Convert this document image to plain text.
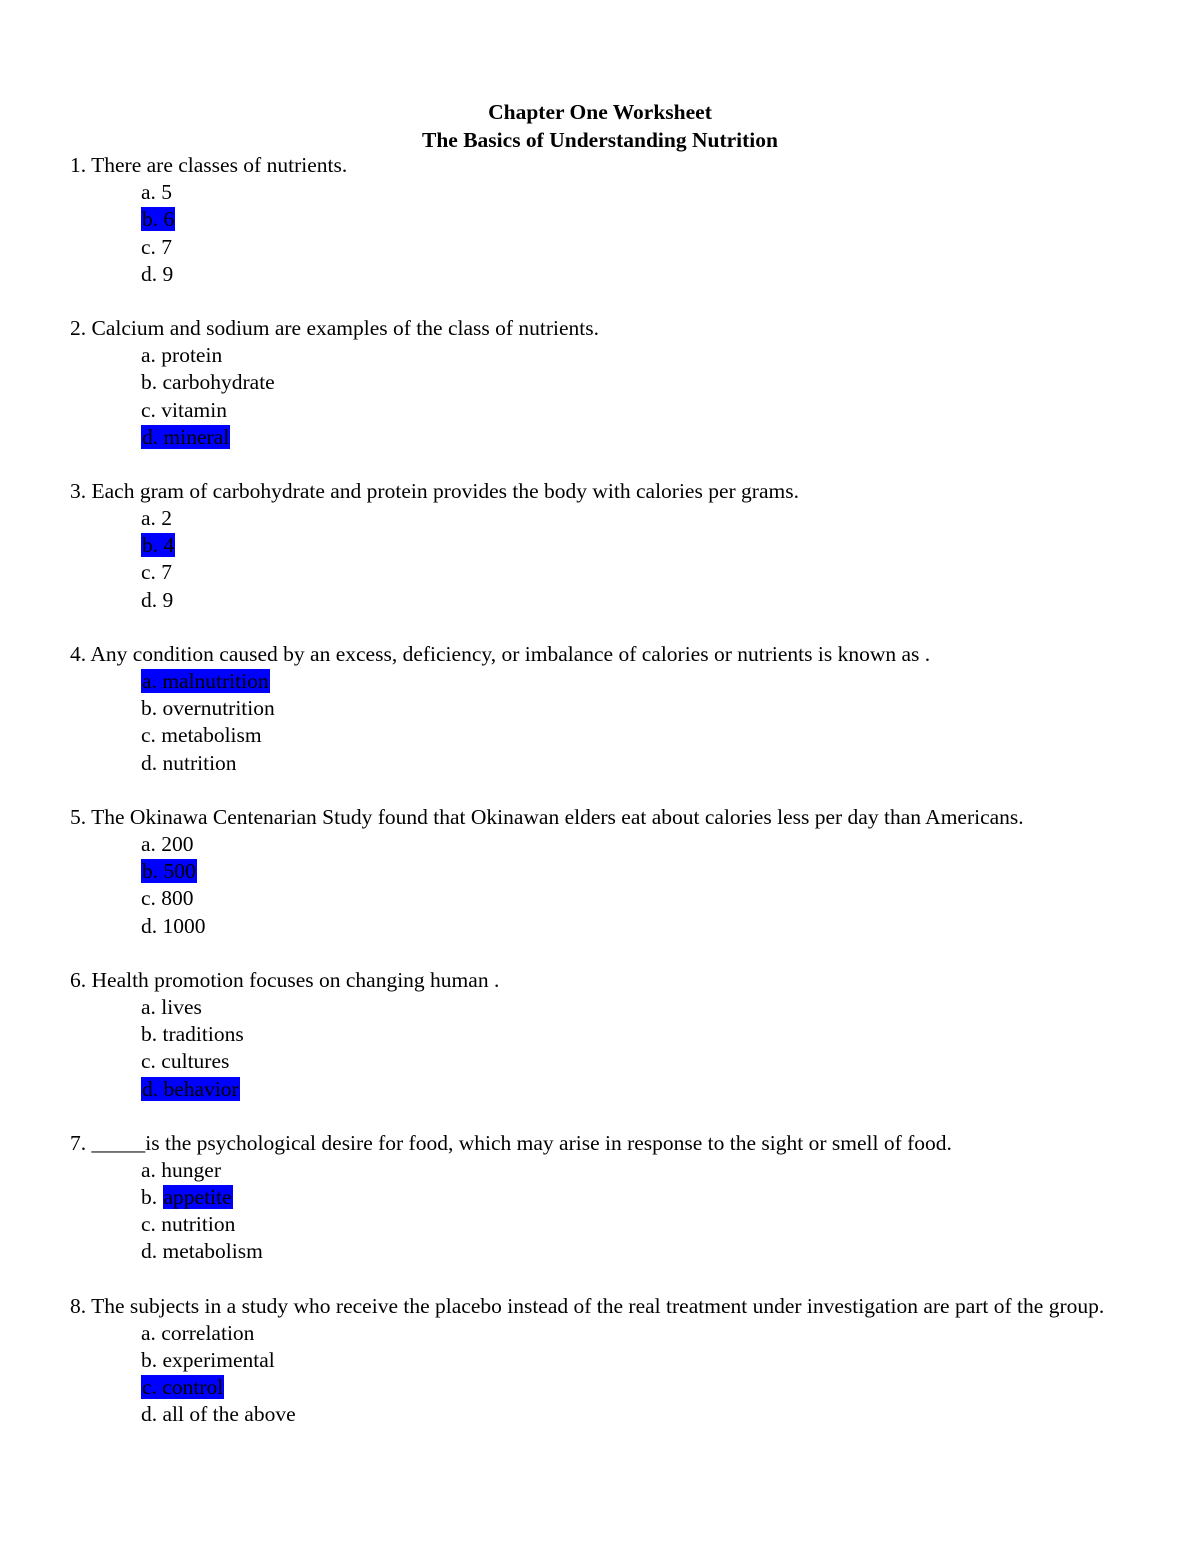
Chapter One Worksheet
The Basics of Understanding Nutrition
1. There are classes of nutrients.
a. 5
b. 6
c. 7
d. 9
2. Calcium and sodium are examples of the class of nutrients.
a. protein
b. carbohydrate
c. vitamin
d. mineral
3. Each gram of carbohydrate and protein provides the body with calories per grams.
a. 2
b. 4
c. 7
d. 9
4. Any condition caused by an excess, deficiency, or imbalance of calories or nutrients is known as .
a. malnutrition
b. overnutrition
c. metabolism
d. nutrition
5. The Okinawa Centenarian Study found that Okinawan elders eat about calories less per day than Americans.
a. 200
b. 500
c. 800
d. 1000
6. Health promotion focuses on changing human .
a. lives
b. traditions
c. cultures
d. behavior
7. _____is the psychological desire for food, which may arise in response to the sight or smell of food.
a. hunger
b. appetite
c. nutrition
d. metabolism
8. The subjects in a study who receive the placebo instead of the real treatment under investigation are part of the group.
a. correlation
b. experimental
c. control
d. all of the above
